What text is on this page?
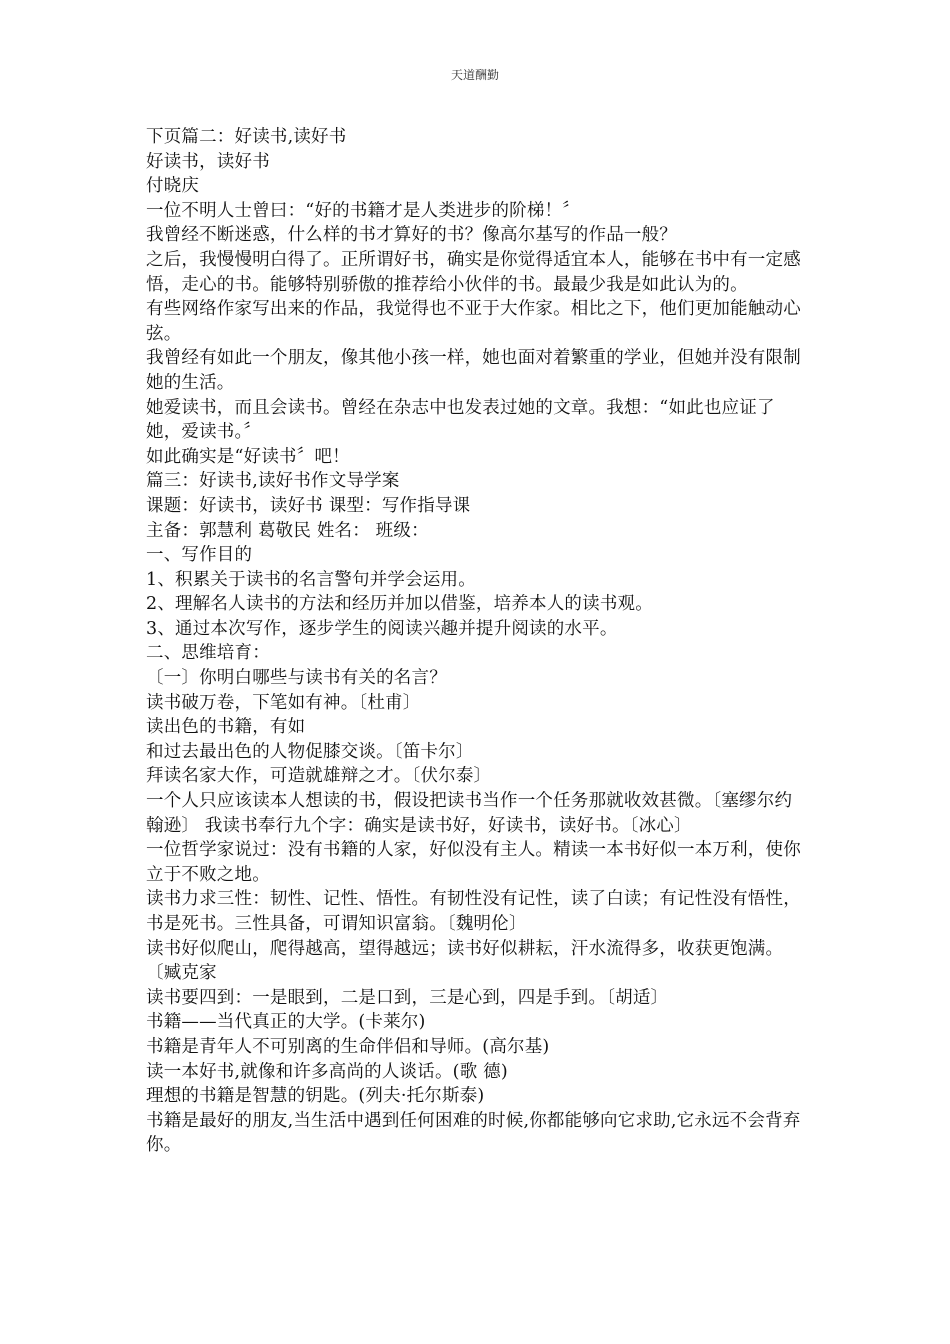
天道酬勤

下页篇二：好读书,读好书

好读书，读好书

付晓庆

一位不明人士曾曰：“好的书籍才是人类进步的阶梯！〞

我曾经不断迷惑，什么样的书才算好的书？像高尔基写的作品一般？

之后，我慢慢明白得了。正所谓好书，确实是你觉得适宜本人，能够在书中有一定感悟，走心的书。能够特别骄傲的推荐给小伙伴的书。最最少我是如此认为的。

有些网络作家写出来的作品，我觉得也不亚于大作家。相比之下，他们更加能触动心弦。

我曾经有如此一个朋友，像其他小孩一样，她也面对着繁重的学业，但她并没有限制她的生活。

她爱读书，而且会读书。曾经在杂志中也发表过她的文章。我想：“如此也应证了她，爱读书。〞

如此确实是“好读书〞吧！

篇三：好读书,读好书作文导学案

课题：好读书，读好书 课型：写作指导课

主备：郭慧利 葛敬民 姓名： 班级：

一、写作目的

1、积累关于读书的名言警句并学会运用。

2、理解名人读书的方法和经历并加以借鉴，培养本人的读书观。

3、通过本次写作，逐步学生的阅读兴趣并提升阅读的水平。

二、思维培育：

〔一〕你明白哪些与读书有关的名言？

读书破万卷，下笔如有神。〔杜甫〕

读出色的书籍，有如

和过去最出色的人物促膝交谈。〔笛卡尔〕

拜读名家大作，可造就雄辩之才。〔伏尔泰〕

一个人只应该读本人想读的书，假设把读书当作一个任务那就收效甚微。〔塞缪尔约翰逊〕 我读书奉行九个字：确实是读书好，好读书，读好书。〔冰心〕

一位哲学家说过：没有书籍的人家，好似没有主人。精读一本书好似一本万利，使你立于不败之地。

读书力求三性：韧性、记性、悟性。有韧性没有记性，读了白读；有记性没有悟性，书是死书。三性具备，可谓知识富翁。〔魏明伦〕

读书好似爬山，爬得越高，望得越远；读书好似耕耘，汗水流得多，收获更饱满。〔臧克家

读书要四到：一是眼到，二是口到，三是心到，四是手到。〔胡适〕

书籍——当代真正的大学。(卡莱尔)

书籍是青年人不可别离的生命伴侣和导师。(高尔基)

读一本好书,就像和许多高尚的人谈话。(歌 德)

理想的书籍是智慧的钥匙。(列夫·托尔斯泰)

书籍是最好的朋友,当生活中遇到任何困难的时候,你都能够向它求助,它永远不会背弃你。
